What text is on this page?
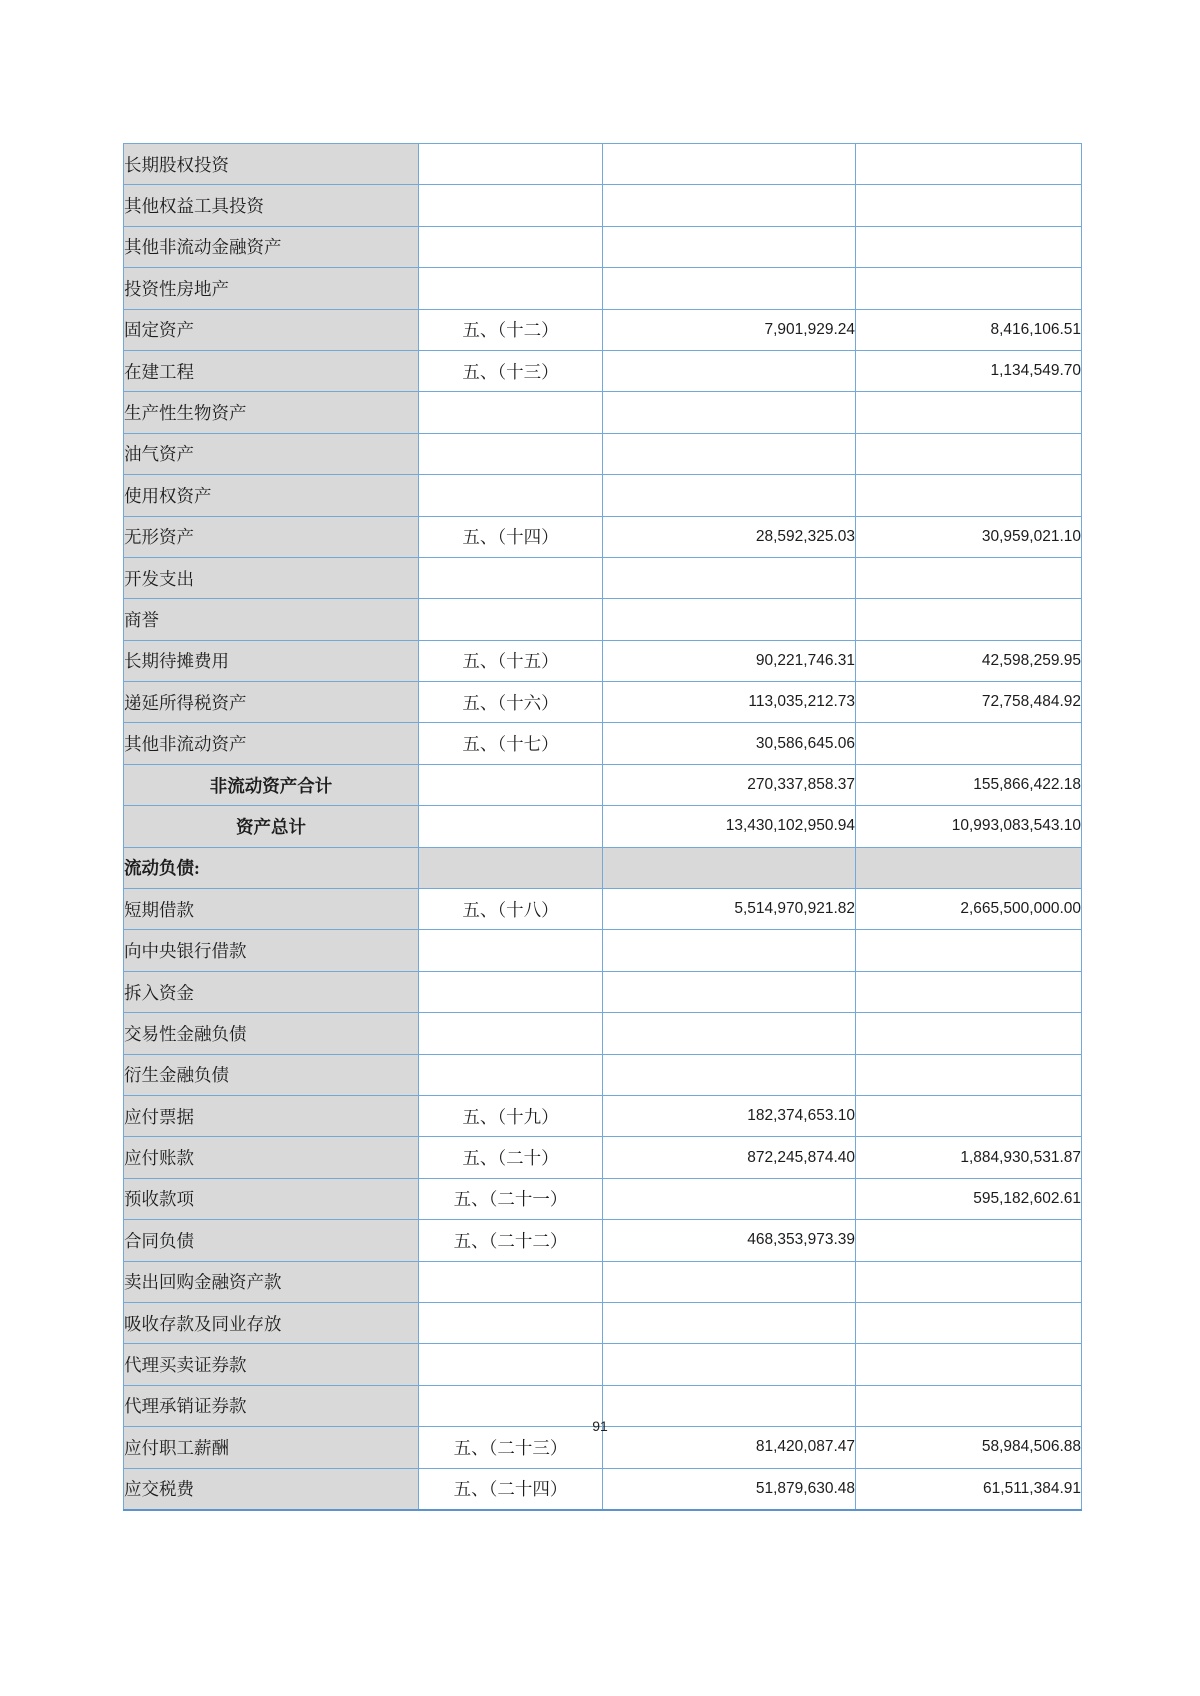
长期股权投资			
其他权益工具投资			
其他非流动金融资产			
投资性房地产			
固定资产	五、（十二）	7,901,929.24	8,416,106.51
在建工程	五、（十三）		1,134,549.70
生产性生物资产			
油气资产			
使用权资产			
无形资产	五、（十四）	28,592,325.03	30,959,021.10
开发支出			
商誉			
长期待摊费用	五、（十五）	90,221,746.31	42,598,259.95
递延所得税资产	五、（十六）	113,035,212.73	72,758,484.92
其他非流动资产	五、（十七）	30,586,645.06	
非流动资产合计		270,337,858.37	155,866,422.18
资产总计		13,430,102,950.94	10,993,083,543.10
流动负债:			
短期借款	五、（十八）	5,514,970,921.82	2,665,500,000.00
向中央银行借款			
拆入资金			
交易性金融负债			
衍生金融负债			
应付票据	五、（十九）	182,374,653.10	
应付账款	五、（二十）	872,245,874.40	1,884,930,531.87
预收款项	五、（二十一）		595,182,602.61
合同负债	五、（二十二）	468,353,973.39	
卖出回购金融资产款			
吸收存款及同业存放			
代理买卖证券款			
代理承销证券款			
应付职工薪酬	五、（二十三）	81,420,087.47	58,984,506.88
应交税费	五、（二十四）	51,879,630.48	61,511,384.91
91
